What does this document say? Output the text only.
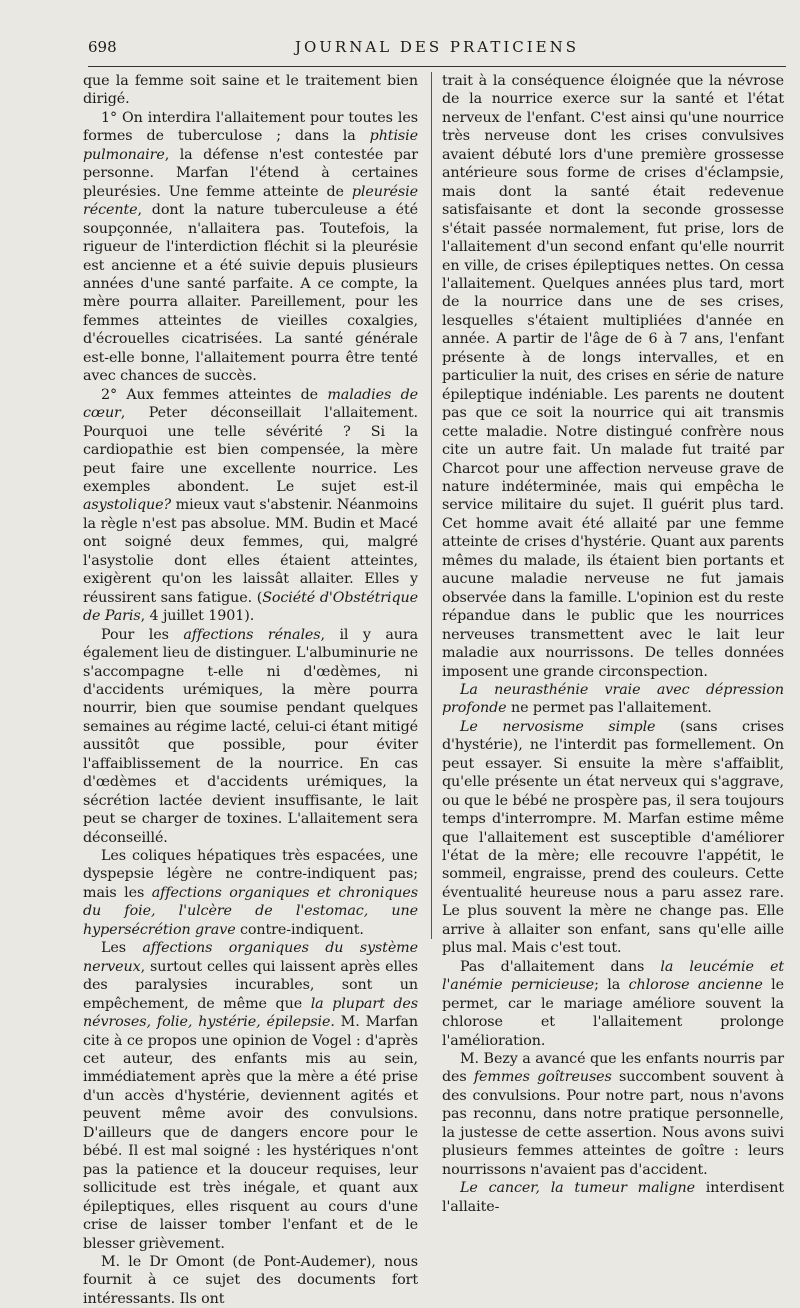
698	JOURNAL DES PRATICIENS

que la femme soit saine et le traitement bien dirigé.

1° On interdira l'allaitement pour toutes les formes de tuberculose ; dans la phtisie pulmonaire, la défense n'est contestée par personne. Marfan l'étend à certaines pleurésies. Une femme atteinte de pleurésie récente, dont la nature tuberculeuse a été soupçonnée, n'allaitera pas. Toutefois, la rigueur de l'interdiction fléchit si la pleurésie est ancienne et a été suivie depuis plusieurs années d'une santé parfaite. A ce compte, la mère pourra allaiter. Pareillement, pour les femmes atteintes de vieilles coxalgies, d'écrouelles cicatrisées. La santé générale est-elle bonne, l'allaitement pourra être tenté avec chances de succès.

2° Aux femmes atteintes de maladies de cœur, Peter déconseillait l'allaitement. Pourquoi une telle sévérité ? Si la cardiopathie est bien compensée, la mère peut faire une excellente nourrice. Les exemples abondent. Le sujet est-il asystolique? mieux vaut s'abstenir. Néanmoins la règle n'est pas absolue. MM. Budin et Macé ont soigné deux femmes, qui, malgré l'asystolie dont elles étaient atteintes, exigèrent qu'on les laissât allaiter. Elles y réussirent sans fatigue. (Société d'Obstétrique de Paris, 4 juillet 1901).

Pour les affections rénales, il y aura également lieu de distinguer. L'albuminurie ne s'accompagne t-elle ni d'œdèmes, ni d'accidents urémiques, la mère pourra nourrir, bien que soumise pendant quelques semaines au régime lacté, celui-ci étant mitigé aussitôt que possible, pour éviter l'affaiblissement de la nourrice. En cas d'œdèmes et d'accidents urémiques, la sécrétion lactée devient insuffisante, le lait peut se charger de toxines. L'allaitement sera déconseillé.

Les coliques hépatiques très espacées, une dyspepsie légère ne contre-indiquent pas; mais les affections organiques et chroniques du foie, l'ulcère de l'estomac, une hypersécrétion grave contre-indiquent.

Les affections organiques du système nerveux, surtout celles qui laissent après elles des paralysies incurables, sont un empêchement, de même que la plupart des névroses, folie, hystérie, épilepsie. M. Marfan cite à ce propos une opinion de Vogel : d'après cet auteur, des enfants mis au sein, immédiatement après que la mère a été prise d'un accès d'hystérie, deviennent agités et peuvent même avoir des convulsions. D'ailleurs que de dangers encore pour le bébé. Il est mal soigné : les hystériques n'ont pas la patience et la douceur requises, leur sollicitude est très inégale, et quant aux épileptiques, elles risquent au cours d'une crise de laisser tomber l'enfant et de le blesser grièvement.

M. le Dr Omont (de Pont-Audemer), nous fournit à ce sujet des documents fort intéressants. Ils ont

trait à la conséquence éloignée que la névrose de la nourrice exerce sur la santé et l'état nerveux de l'enfant. C'est ainsi qu'une nourrice très nerveuse dont les crises convulsives avaient débuté lors d'une première grossesse antérieure sous forme de crises d'éclampsie, mais dont la santé était redevenue satisfaisante et dont la seconde grossesse s'était passée normalement, fut prise, lors de l'allaitement d'un second enfant qu'elle nourrit en ville, de crises épileptiques nettes. On cessa l'allaitement. Quelques années plus tard, mort de la nourrice dans une de ses crises, lesquelles s'étaient multipliées d'année en année. A partir de l'âge de 6 à 7 ans, l'enfant présente à de longs intervalles, et en particulier la nuit, des crises en série de nature épileptique indéniable. Les parents ne doutent pas que ce soit la nourrice qui ait transmis cette maladie. Notre distingué confrère nous cite un autre fait. Un malade fut traité par Charcot pour une affection nerveuse grave de nature indéterminée, mais qui empêcha le service militaire du sujet. Il guérit plus tard. Cet homme avait été allaité par une femme atteinte de crises d'hystérie. Quant aux parents mêmes du malade, ils étaient bien portants et aucune maladie nerveuse ne fut jamais observée dans la famille. L'opinion est du reste répandue dans le public que les nourrices nerveuses transmettent avec le lait leur maladie aux nourrissons. De telles données imposent une grande circonspection.

La neurasthénie vraie avec dépression profonde ne permet pas l'allaitement.

Le nervosisme simple (sans crises d'hystérie), ne l'interdit pas formellement. On peut essayer. Si ensuite la mère s'affaiblit, qu'elle présente un état nerveux qui s'aggrave, ou que le bébé ne prospère pas, il sera toujours temps d'interrompre. M. Marfan estime même que l'allaitement est susceptible d'améliorer l'état de la mère; elle recouvre l'appétit, le sommeil, engraisse, prend des couleurs. Cette éventualité heureuse nous a paru assez rare. Le plus souvent la mère ne change pas. Elle arrive à allaiter son enfant, sans qu'elle aille plus mal. Mais c'est tout.

Pas d'allaitement dans la leucémie et l'anémie pernicieuse; la chlorose ancienne le permet, car le mariage améliore souvent la chlorose et l'allaitement prolonge l'amélioration.

M. Bezy a avancé que les enfants nourris par des femmes goîtreuses succombent souvent à des convulsions. Pour notre part, nous n'avons pas reconnu, dans notre pratique personnelle, la justesse de cette assertion. Nous avons suivi plusieurs femmes atteintes de goître : leurs nourrissons n'avaient pas d'accident.

Le cancer, la tumeur maligne interdisent l'allaite-
